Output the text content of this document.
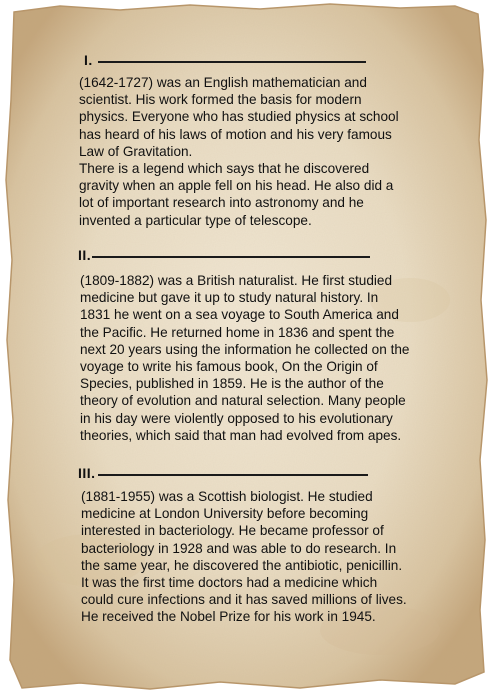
I.
(1642-1727) was an English mathematician and
scientist. His work formed the basis for modern
physics. Everyone who has studied physics at school
has heard of his laws of motion and his very famous
Law of Gravitation.
There is a legend which says that he discovered
gravity when an apple fell on his head. He also did a
lot of important research into astronomy and he
invented a particular type of telescope.
II.
(1809-1882) was a British naturalist. He first studied
medicine but gave it up to study natural history. In
1831 he went on a sea voyage to South America and
the Pacific. He returned home in 1836 and spent the
next 20 years using the information he collected on the
voyage to write his famous book, On the Origin of
Species, published in 1859. He is the author of the
theory of evolution and natural selection. Many people
in his day were violently opposed to his evolutionary
theories, which said that man had evolved from apes.
III.
(1881-1955) was a Scottish biologist. He studied
medicine at London University before becoming
interested in bacteriology. He became professor of
bacteriology in 1928 and was able to do research. In
the same year, he discovered the antibiotic, penicillin.
It was the first time doctors had a medicine which
could cure infections and it has saved millions of lives.
He received the Nobel Prize for his work in 1945.
